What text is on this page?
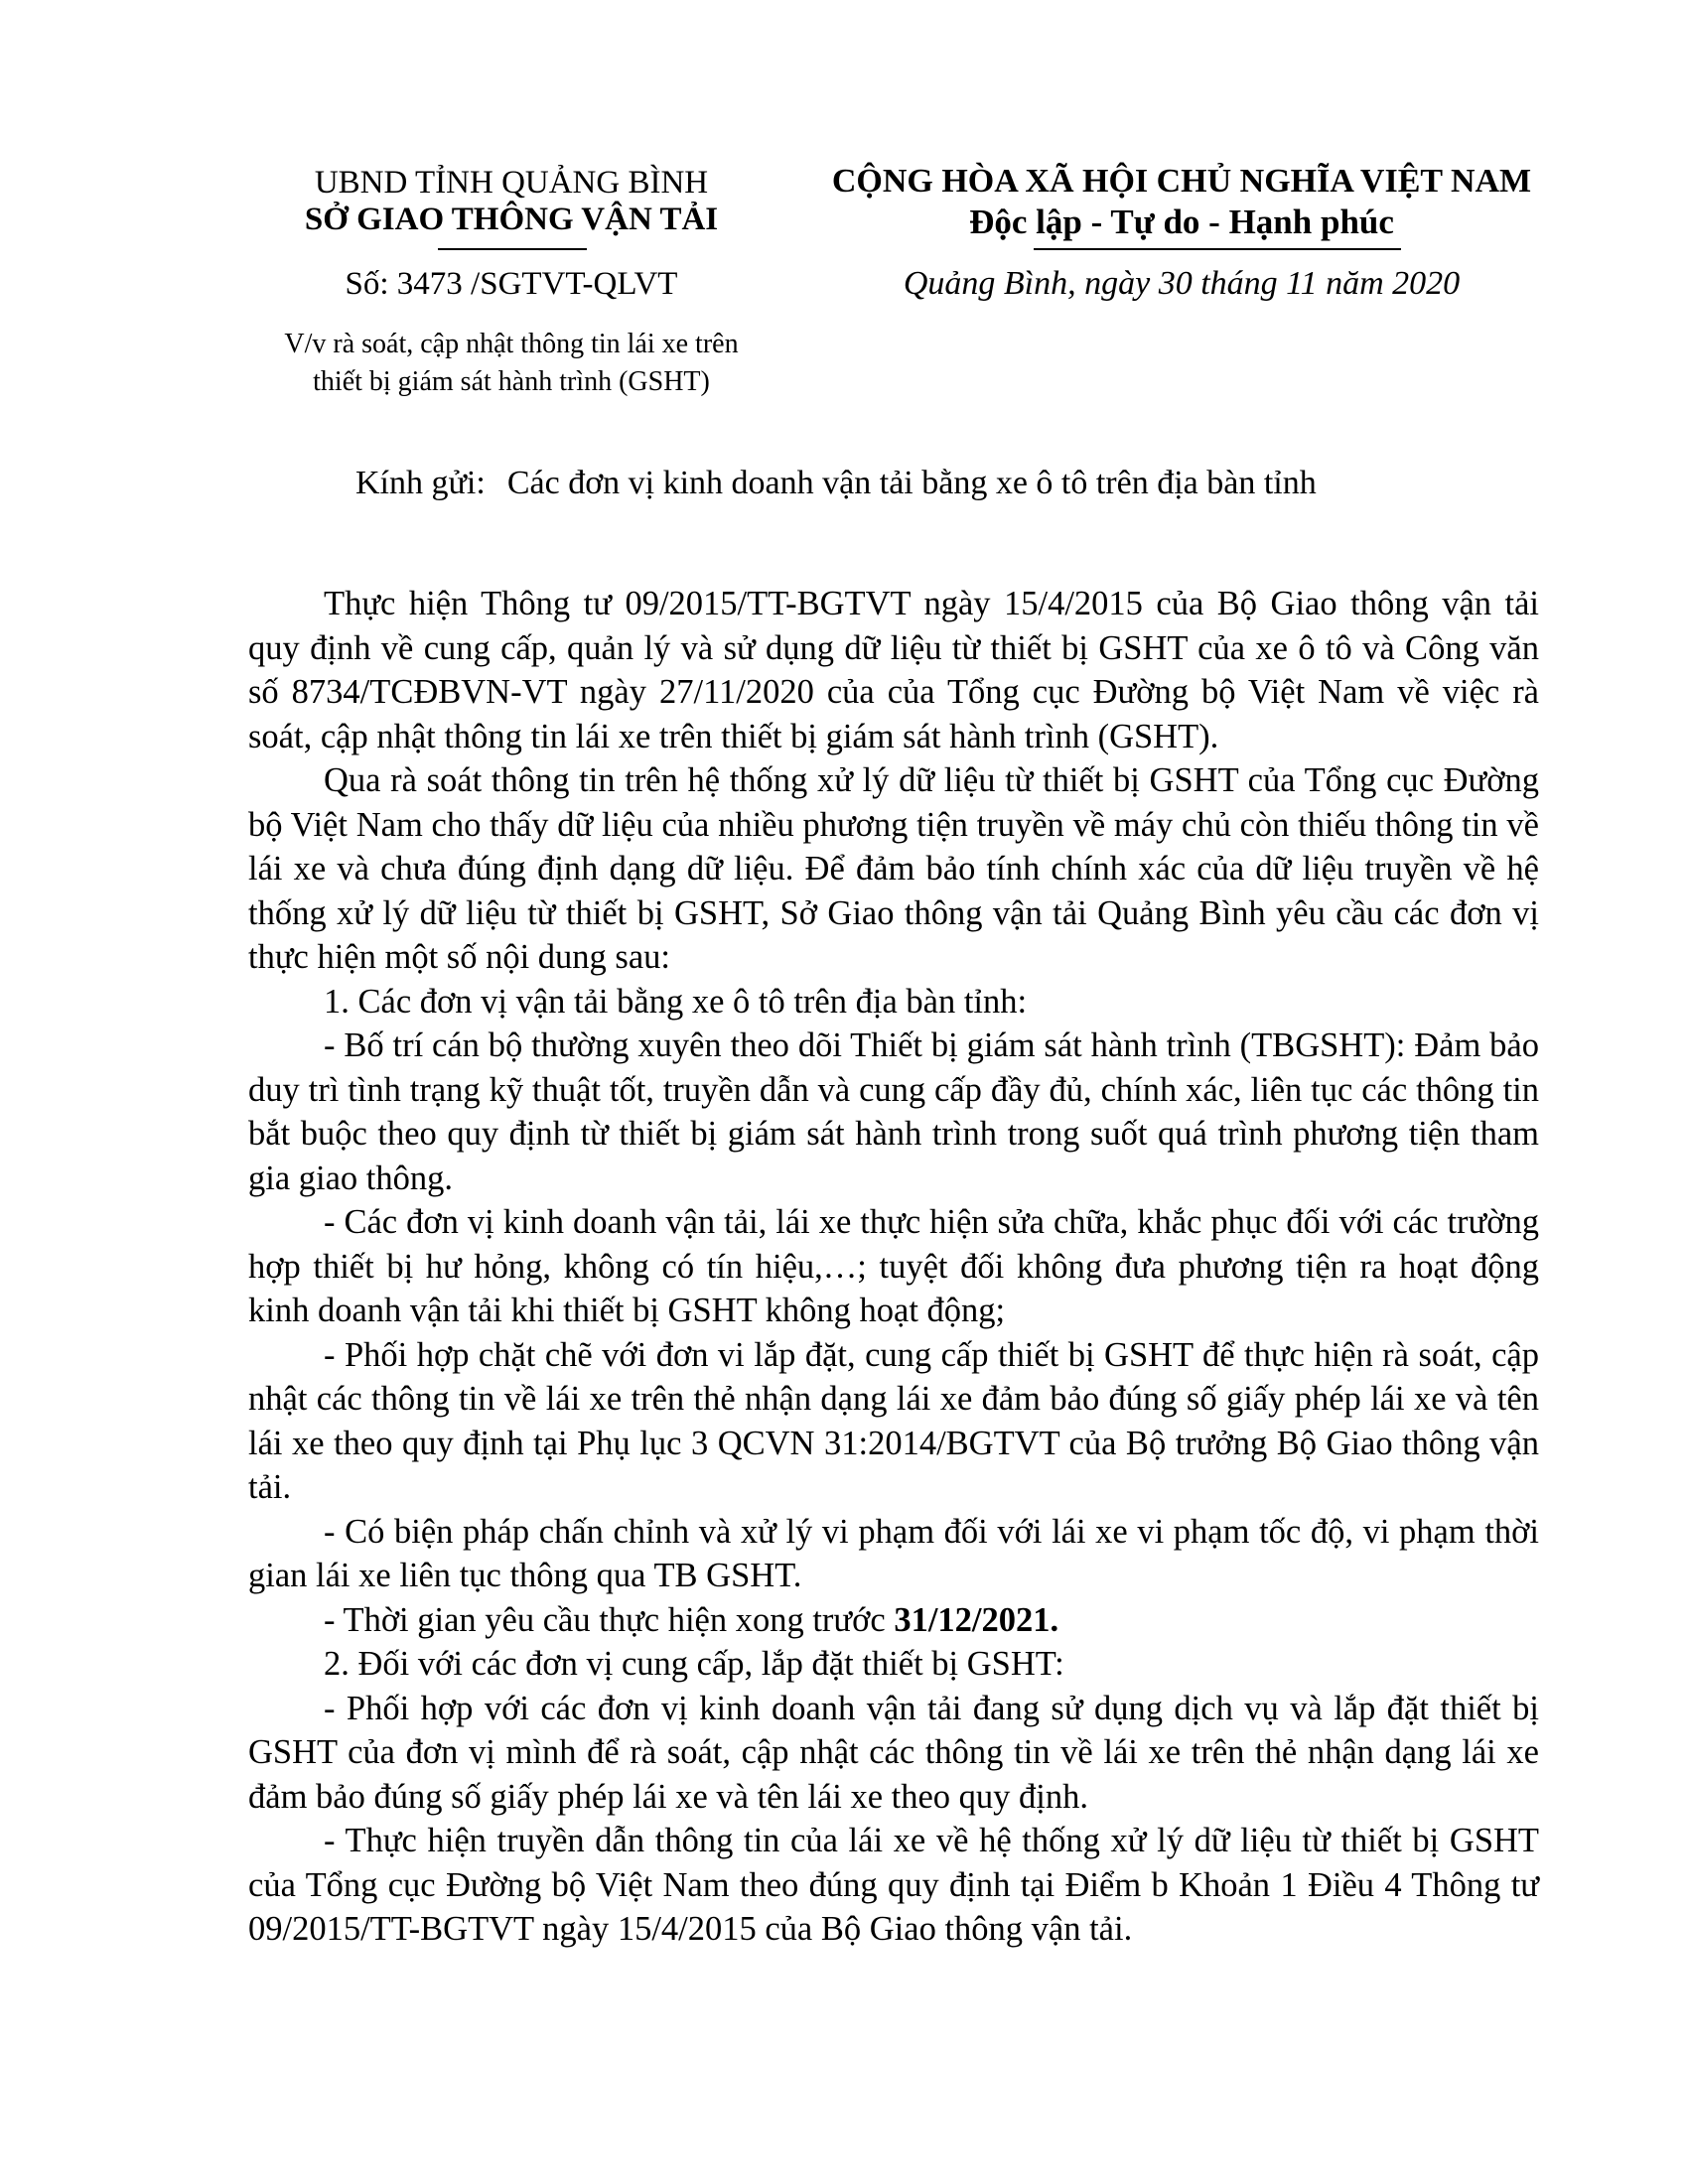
UBND TỈNH QUẢNG BÌNH
SỞ GIAO THÔNG VẬN TẢI
Số: 3473 /SGTVT-QLVT
V/v rà soát, cập nhật thông tin lái xe trên
thiết bị giám sát hành trình (GSHT)
CỘNG HÒA XÃ HỘI CHỦ NGHĨA VIỆT NAM
Độc lập - Tự do - Hạnh phúc
Quảng Bình, ngày 30 tháng 11 năm 2020
Kính gửi: Các đơn vị kinh doanh vận tải bằng xe ô tô trên địa bàn tỉnh

Thực hiện Thông tư 09/2015/TT-BGTVT ngày 15/4/2015 của Bộ Giao thông vận tải quy định về cung cấp, quản lý và sử dụng dữ liệu từ thiết bị GSHT của xe ô tô và Công văn số 8734/TCĐBVN-VT ngày 27/11/2020 của của Tổng cục Đường bộ Việt Nam về việc rà soát, cập nhật thông tin lái xe trên thiết bị giám sát hành trình (GSHT).

Qua rà soát thông tin trên hệ thống xử lý dữ liệu từ thiết bị GSHT của Tổng cục Đường bộ Việt Nam cho thấy dữ liệu của nhiều phương tiện truyền về máy chủ còn thiếu thông tin về lái xe và chưa đúng định dạng dữ liệu. Để đảm bảo tính chính xác của dữ liệu truyền về hệ thống xử lý dữ liệu từ thiết bị GSHT, Sở Giao thông vận tải Quảng Bình yêu cầu các đơn vị thực hiện một số nội dung sau:

1. Các đơn vị vận tải bằng xe ô tô trên địa bàn tỉnh:

- Bố trí cán bộ thường xuyên theo dõi Thiết bị giám sát hành trình (TBGSHT): Đảm bảo duy trì tình trạng kỹ thuật tốt, truyền dẫn và cung cấp đầy đủ, chính xác, liên tục các thông tin bắt buộc theo quy định từ thiết bị giám sát hành trình trong suốt quá trình phương tiện tham gia giao thông.

- Các đơn vị kinh doanh vận tải, lái xe thực hiện sửa chữa, khắc phục đối với các trường hợp thiết bị hư hỏng, không có tín hiệu,…; tuyệt đối không đưa phương tiện ra hoạt động kinh doanh vận tải khi thiết bị GSHT không hoạt động;

- Phối hợp chặt chẽ với đơn vi lắp đặt, cung cấp thiết bị GSHT để thực hiện rà soát, cập nhật các thông tin về lái xe trên thẻ nhận dạng lái xe đảm bảo đúng số giấy phép lái xe và tên lái xe theo quy định tại Phụ lục 3 QCVN 31:2014/BGTVT của Bộ trưởng Bộ Giao thông vận tải.

- Có biện pháp chấn chỉnh và xử lý vi phạm đối với lái xe vi phạm tốc độ, vi phạm thời gian lái xe liên tục thông qua TB GSHT.

- Thời gian yêu cầu thực hiện xong trước 31/12/2021.

2. Đối với các đơn vị cung cấp, lắp đặt thiết bị GSHT:

- Phối hợp với các đơn vị kinh doanh vận tải đang sử dụng dịch vụ và lắp đặt thiết bị GSHT của đơn vị mình để rà soát, cập nhật các thông tin về lái xe trên thẻ nhận dạng lái xe đảm bảo đúng số giấy phép lái xe và tên lái xe theo quy định.

- Thực hiện truyền dẫn thông tin của lái xe về hệ thống xử lý dữ liệu từ thiết bị GSHT của Tổng cục Đường bộ Việt Nam theo đúng quy định tại Điểm b Khoản 1 Điều 4 Thông tư 09/2015/TT-BGTVT ngày 15/4/2015 của Bộ Giao thông vận tải.
